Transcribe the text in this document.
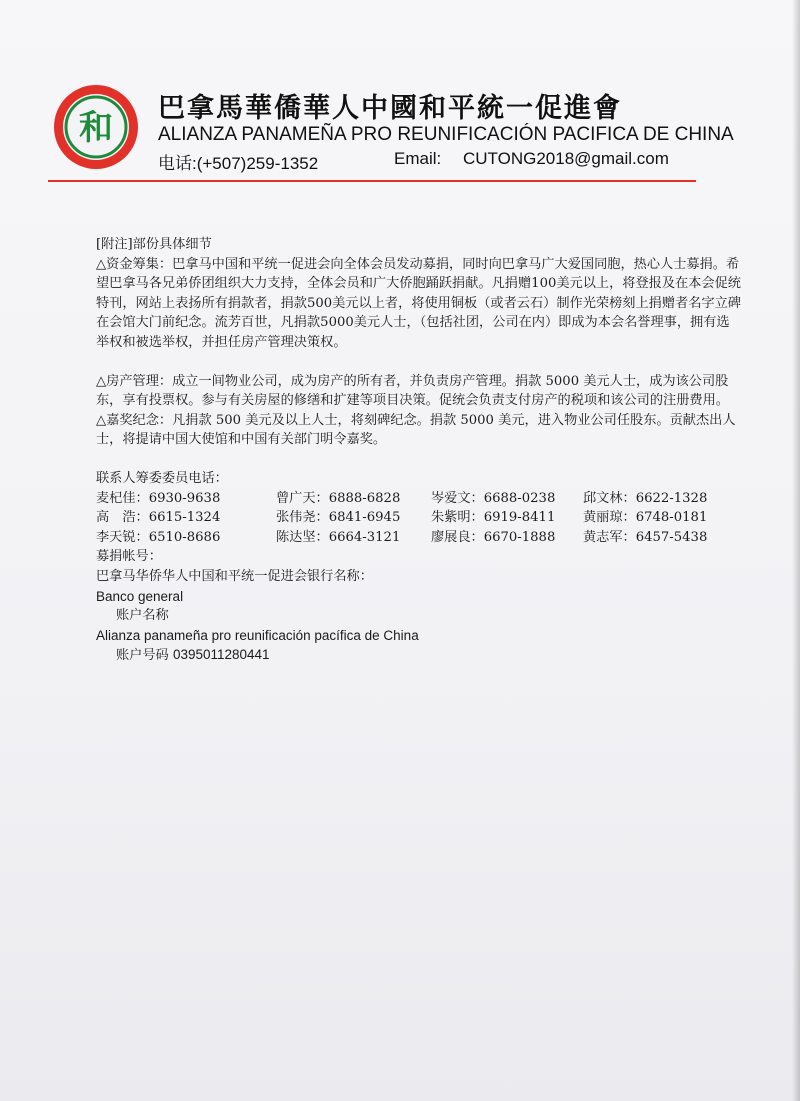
和 巴拿馬華僑華人中國和平統一促進會
ALIANZA PANAMEÑA PRO REUNIFICACIÓN PACIFICA DE CHINA
电话:(+507)259-1352	Email: CUTONG2018@gmail.com

[附注]部份具体细节

△资金筹集：巴拿马中国和平统一促进会向全体会员发动募捐，同时向巴拿马广大爱国同胞，热心人士募捐。希望巴拿马各兄弟侨团组织大力支持，全体会员和广大侨胞踊跃捐献。凡捐赠100美元以上，将登报及在本会促统特刊，网站上表扬所有捐款者，捐款500美元以上者，将使用铜板（或者云石）制作光荣榜刻上捐赠者名字立碑在会馆大门前纪念。流芳百世，凡捐款5000美元人士，（包括社团，公司在内）即成为本会名誉理事，拥有选举权和被选举权，并担任房产管理决策权。

△房产管理：成立一间物业公司，成为房产的所有者，并负责房产管理。捐款 5000 美元人士，成为该公司股东，享有投票权。参与有关房屋的修缮和扩建等项目决策。促统会负责支付房产的税项和该公司的注册费用。

△嘉奖纪念：凡捐款 500 美元及以上人士，将刻碑纪念。捐款 5000 美元，进入物业公司任股东。贡献杰出人士，将提请中国大使馆和中国有关部门明令嘉奖。

联系人筹委委员电话：

麦杞佳：6930-9638	曾广天：6888-6828	岑爱文：6688-0238	邱文林：6622-1328
高　浩：6615-1324	张伟尧：6841-6945	朱紫明：6919-8411	黄丽琼：6748-0181
李天锐：6510-8686	陈达坚：6664-3121	廖展良：6670-1888	黄志军：6457-5438

募捐帐号：

巴拿马华侨华人中国和平统一促进会银行名称：

Banco general

账户名称

Alianza panameña pro reunificación pacífica de China

账户号码 0395011280441
